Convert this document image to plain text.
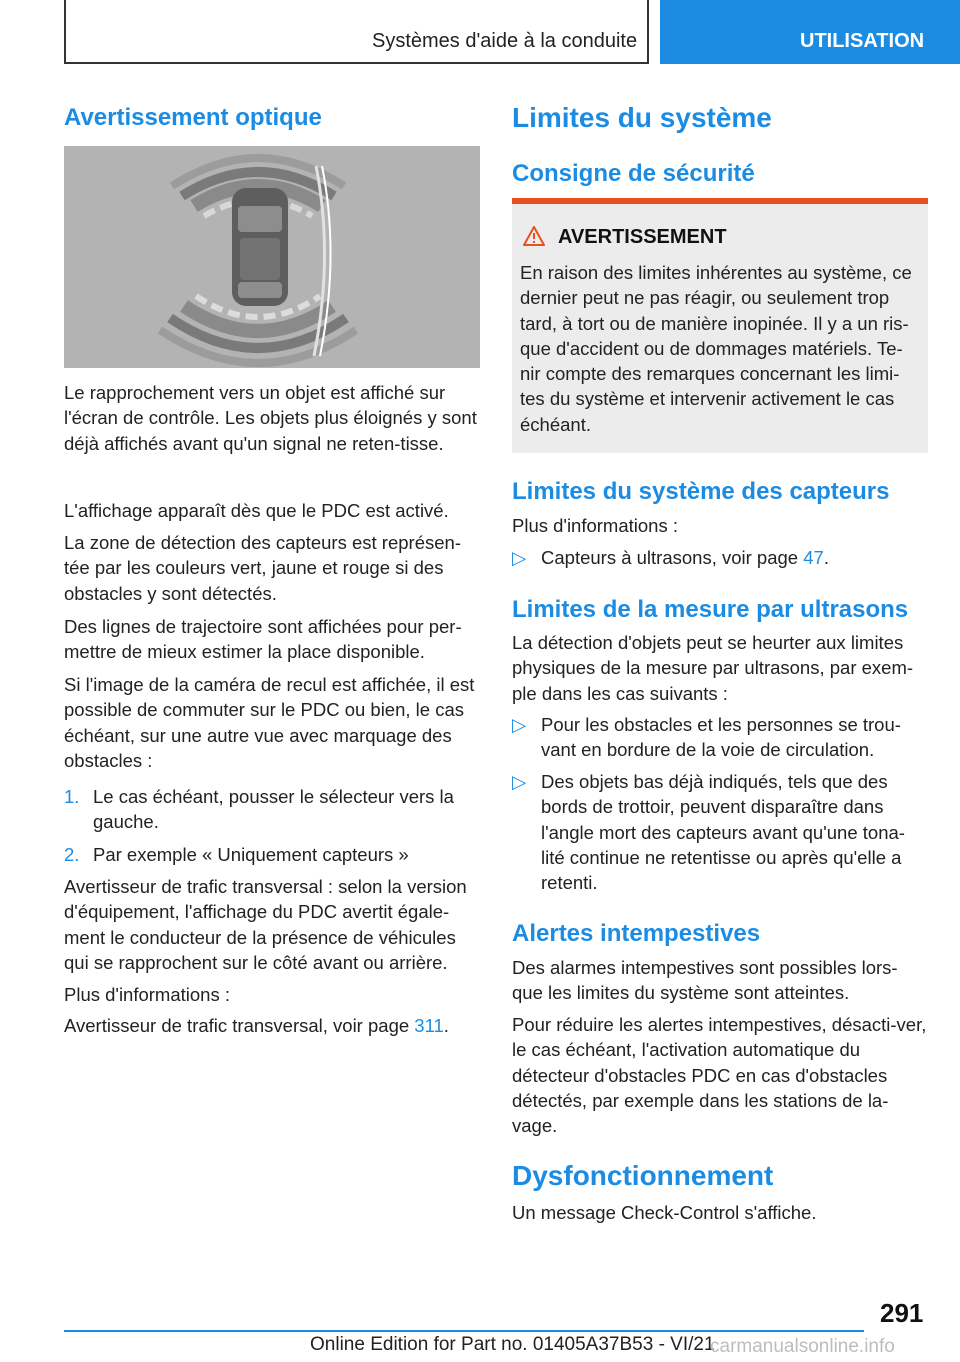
Systèmes d'aide à la conduite	UTILISATION
Avertissement optique

Le rapprochement vers un objet est affiché sur l'écran de contrôle. Les objets plus éloignés y sont déjà affichés avant qu'un signal ne reten-tisse.

L'affichage apparaît dès que le PDC est activé.

La zone de détection des capteurs est représen-tée par les couleurs vert, jaune et rouge si des obstacles y sont détectés.

Des lignes de trajectoire sont affichées pour per-mettre de mieux estimer la place disponible.

Si l'image de la caméra de recul est affichée, il est possible de commuter sur le PDC ou bien, le cas échéant, sur une autre vue avec marquage des obstacles :

1. Le cas échéant, pousser le sélecteur vers la gauche.
2. Par exemple « Uniquement capteurs »

Avertisseur de trafic transversal : selon la version d'équipement, l'affichage du PDC avertit égale-ment le conducteur de la présence de véhicules qui se rapprochent sur le côté avant ou arrière.

Plus d'informations :

Avertisseur de trafic transversal, voir page 311.

Limites du système
Consigne de sécurité
AVERTISSEMENT

En raison des limites inhérentes au système, ce dernier peut ne pas réagir, ou seulement trop tard, à tort ou de manière inopinée. Il y a un ris-que d'accident ou de dommages matériels. Te-nir compte des remarques concernant les limi-tes du système et intervenir activement le cas échéant.

Limites du système des capteurs

Plus d'informations :

▷ Capteurs à ultrasons, voir page 47.
Limites de la mesure par ultrasons

La détection d'objets peut se heurter aux limites physiques de la mesure par ultrasons, par exem-ple dans les cas suivants :

▷ Pour les obstacles et les personnes se trou-vant en bordure de la voie de circulation.
▷ Des objets bas déjà indiqués, tels que des bords de trottoir, peuvent disparaître dans l'angle mort des capteurs avant qu'une tona-lité continue ne retentisse ou après qu'elle a retenti.
Alertes intempestives

Des alarmes intempestives sont possibles lors-que les limites du système sont atteintes.

Pour réduire les alertes intempestives, désacti-ver, le cas échéant, l'activation automatique du détecteur d'obstacles PDC en cas d'obstacles détectés, par exemple dans les stations de la-vage.

Dysfonctionnement

Un message Check-Control s'affiche.

291
Online Edition for Part no. 01405A37B53 - VI/21
carmanualsonline.info
